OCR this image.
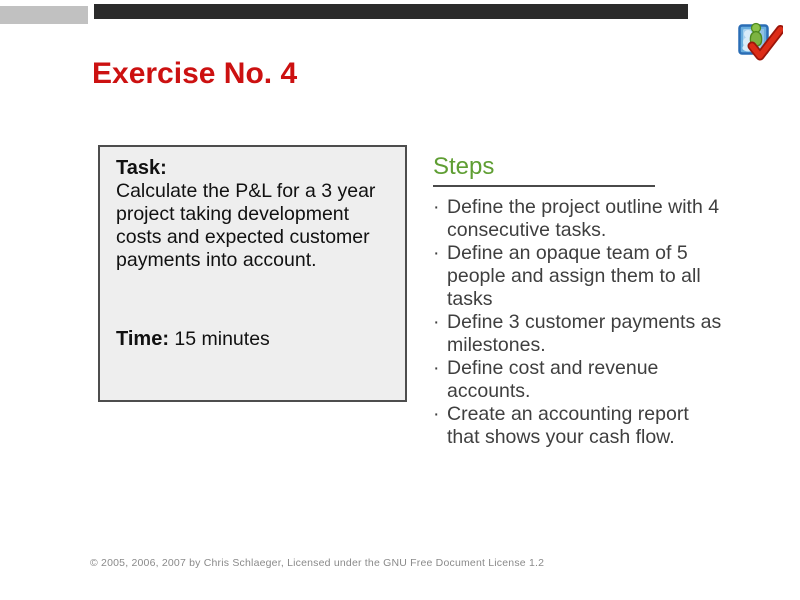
Exercise No. 4
Task:
Calculate the P&L for a 3 year project taking development costs and expected customer payments into account.
Time: 15 minutes
Steps
· Define the project outline with 4 consecutive tasks.
· Define an opaque team of 5 people and assign them to all tasks
· Define 3 customer payments as milestones.
· Define cost and revenue accounts.
· Create an accounting report that shows your cash flow.
© 2005, 2006, 2007 by Chris Schlaeger, Licensed under the GNU Free Document License 1.2
